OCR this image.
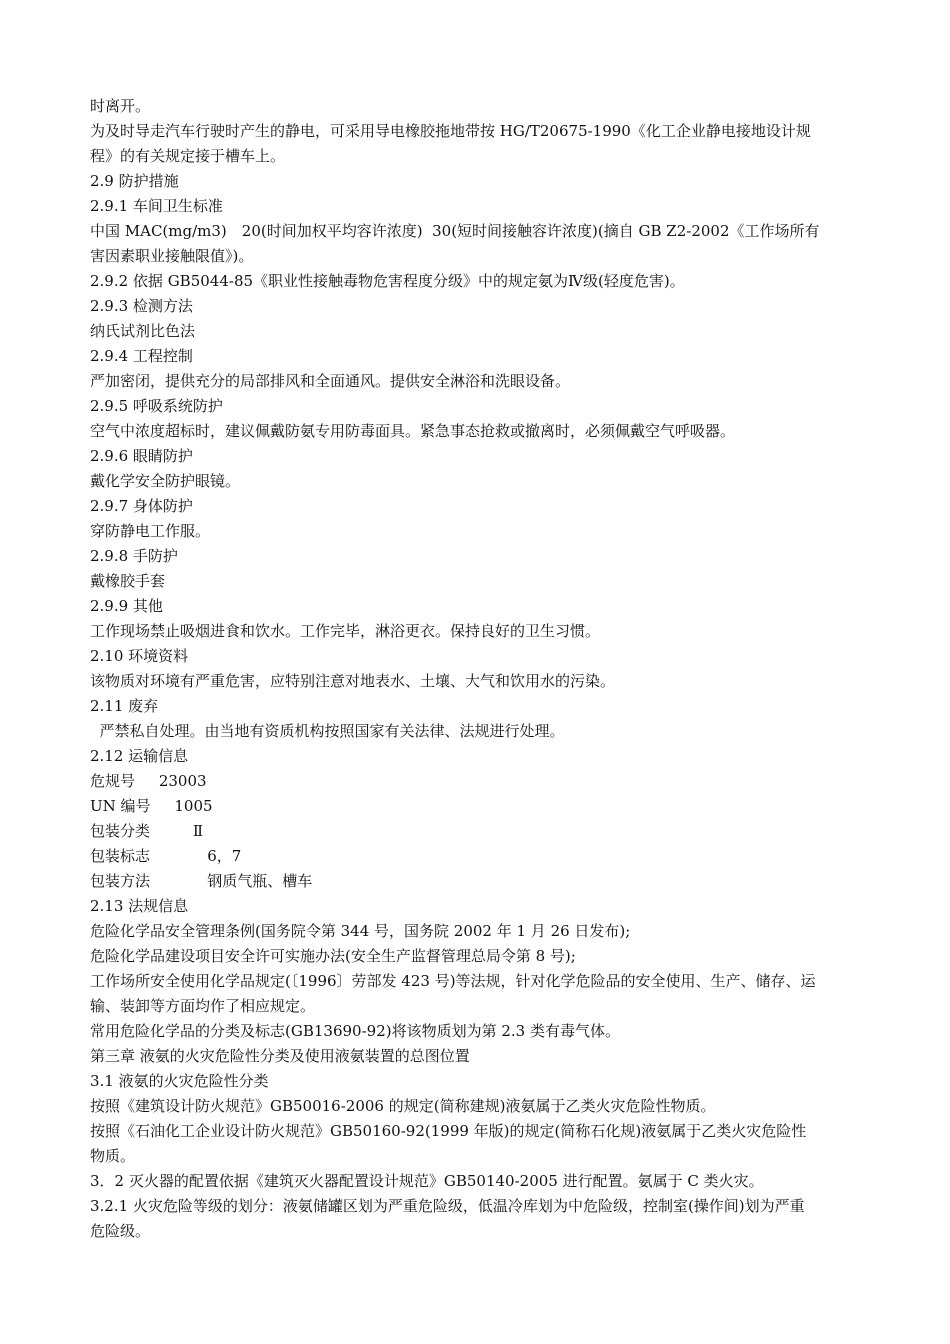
时离开。
为及时导走汽车行驶时产生的静电，可采用导电橡胶拖地带按 HG/T20675-1990《化工企业静电接地设计规
程》的有关规定接于槽车上。
2.9 防护措施
2.9.1 车间卫生标准
中国 MAC(mg/m3)　20(时间加权平均容许浓度)  30(短时间接触容许浓度)(摘自 GB Z2-2002《工作场所有
害因素职业接触限值》)。
2.9.2 依据 GB5044-85《职业性接触毒物危害程度分级》中的规定氨为Ⅳ级(轻度危害)。
2.9.3 检测方法
纳氏试剂比色法
2.9.4 工程控制
严加密闭，提供充分的局部排风和全面通风。提供安全淋浴和洗眼设备。
2.9.5 呼吸系统防护
空气中浓度超标时，建议佩戴防氨专用防毒面具。紧急事态抢救或撤离时，必须佩戴空气呼吸器。
2.9.6 眼睛防护
戴化学安全防护眼镜。
2.9.7 身体防护
穿防静电工作服。
2.9.8 手防护
戴橡胶手套
2.9.9 其他
工作现场禁止吸烟进食和饮水。工作完毕，淋浴更衣。保持良好的卫生习惯。
2.10 环境资料
该物质对环境有严重危害，应特别注意对地表水、土壤、大气和饮用水的污染。
2.11 废弃
严禁私自处理。由当地有资质机构按照国家有关法律、法规进行处理。
2.12 运输信息
危规号     23003
UN 编号     1005
包装分类         Ⅱ
包装标志            6，7
包装方法            钢质气瓶、槽车
2.13 法规信息
危险化学品安全管理条例(国务院令第 344 号，国务院 2002 年 1 月 26 日发布);
危险化学品建设项目安全许可实施办法(安全生产监督管理总局令第 8 号);
工作场所安全使用化学品规定(〔1996〕劳部发 423 号)等法规，针对化学危险品的安全使用、生产、储存、运
输、装卸等方面均作了相应规定。
常用危险化学品的分类及标志(GB13690-92)将该物质划为第 2.3 类有毒气体。
第三章 液氨的火灾危险性分类及使用液氨装置的总图位置
3.1 液氨的火灾危险性分类
按照《建筑设计防火规范》GB50016-2006 的规定(简称建规)液氨属于乙类火灾危险性物质。
按照《石油化工企业设计防火规范》GB50160-92(1999 年版)的规定(简称石化规)液氨属于乙类火灾危险性
物质。
3．2 灭火器的配置依据《建筑灭火器配置设计规范》GB50140-2005 进行配置。氨属于 C 类火灾。
3.2.1 火灾危险等级的划分：液氨储罐区划为严重危险级，低温冷库划为中危险级，控制室(操作间)划为严重
危险级。
